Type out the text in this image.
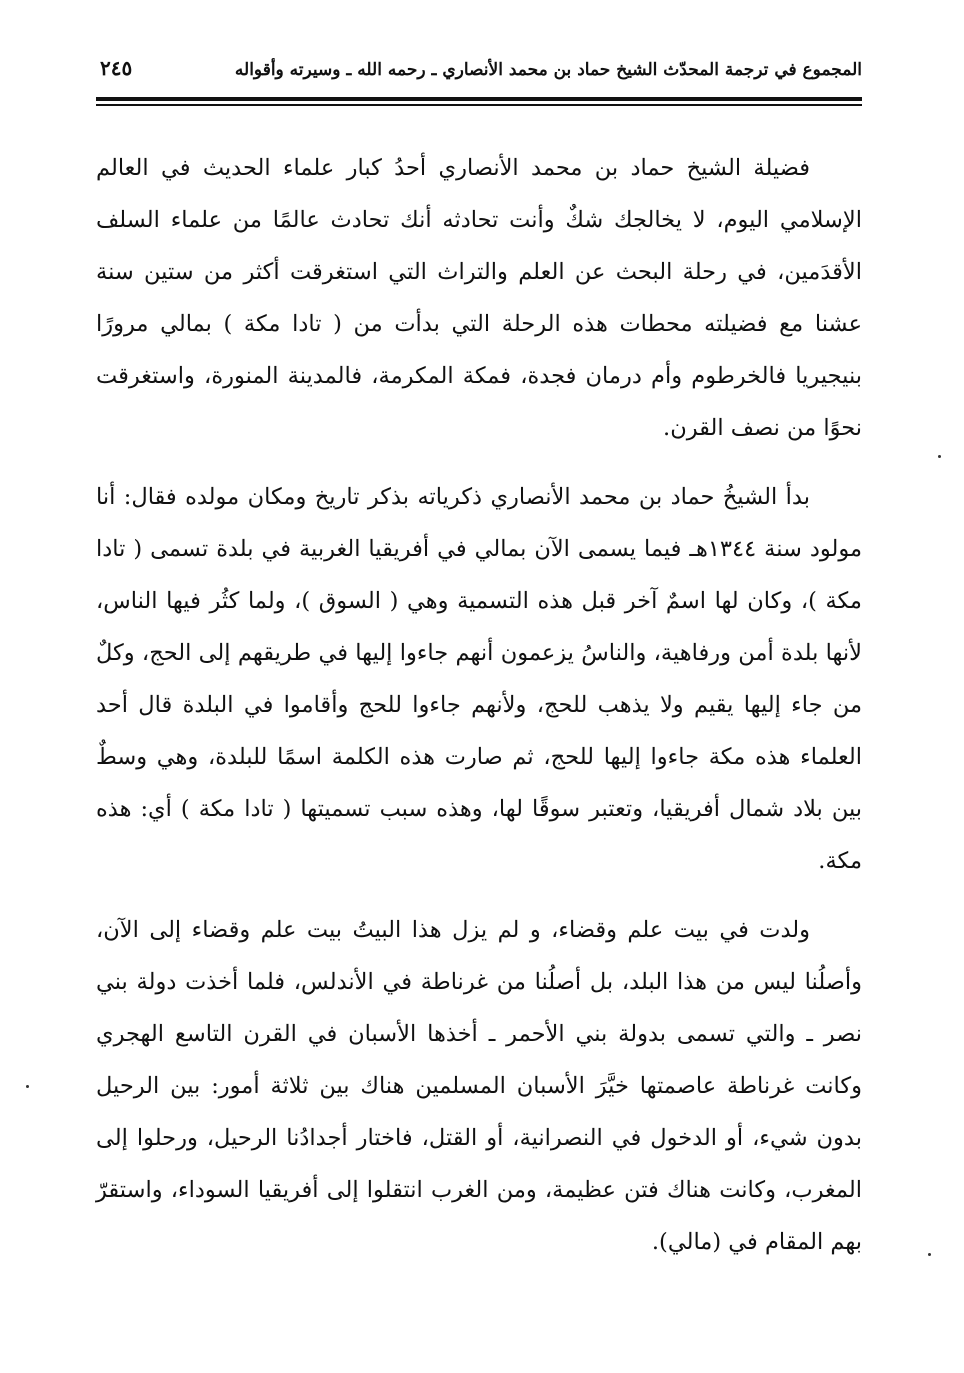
المجموع في ترجمة المحدّث الشيخ حماد بن محمد الأنصاري ـ رحمه الله ـ وسيرته وأقواله
٢٤٥

فضيلة الشيخ حماد بن محمد الأنصاري أحدُ كبار علماء الحديث في العالم الإسلامي اليوم، لا يخالجك شكٌ وأنت تحادثه أنك تحادث عالمًا من علماء السلف الأقدَمين، في رحلة البحث عن العلم والتراث التي استغرقت أكثر من ستين سنة عشنا مع فضيلته محطات هذه الرحلة التي بدأت من ( تادا مكة ) بمالي مرورًا بنيجيريا فالخرطوم وأم درمان فجدة، فمكة المكرمة، فالمدينة المنورة، واستغرقت نحوًا من نصف القرن.

بدأ الشيخُ حماد بن محمد الأنصاري ذكرياته بذكر تاريخ ومكان مولده فقال: أنا مولود سنة ١٣٤٤هـ فيما يسمى الآن بمالي في أفريقيا الغربية في بلدة تسمى ( تادا مكة )، وكان لها اسمٌ آخر قبل هذه التسمية وهي ( السوق )، ولما كثُر فيها الناس، لأنها بلدة أمن ورفاهية، والناسُ يزعمون أنهم جاءوا إليها في طريقهم إلى الحج، وكلٌ من جاء إليها يقيم ولا يذهب للحج، ولأنهم جاءوا للحج وأقاموا في البلدة قال أحد العلماء هذه مكة جاءوا إليها للحج، ثم صارت هذه الكلمة اسمًا للبلدة، وهي وسطٌ بين بلاد شمال أفريقيا، وتعتبر سوقًا لها، وهذه سبب تسميتها ( تادا مكة ) أي: هذه مكة.

ولدت في بيت علم وقضاء، و لم يزل هذا البيتُ بيت علم وقضاء إلى الآن، وأصلُنا ليس من هذا البلد، بل أصلُنا من غرناطة في الأندلس، فلما أخذت دولة بني نصر ـ والتي تسمى بدولة بني الأحمر ـ أخذها الأسبان في القرن التاسع الهجري وكانت غرناطة عاصمتها خيَّرَ الأسبان المسلمين هناك بين ثلاثة أمور: بين الرحيل بدون شيء، أو الدخول في النصرانية، أو القتل، فاختار أجدادُنا الرحيل، ورحلوا إلى المغرب، وكانت هناك فتن عظيمة، ومن الغرب انتقلوا إلى أفريقيا السوداء، واستقرّ بهم المقام في (مالي).
